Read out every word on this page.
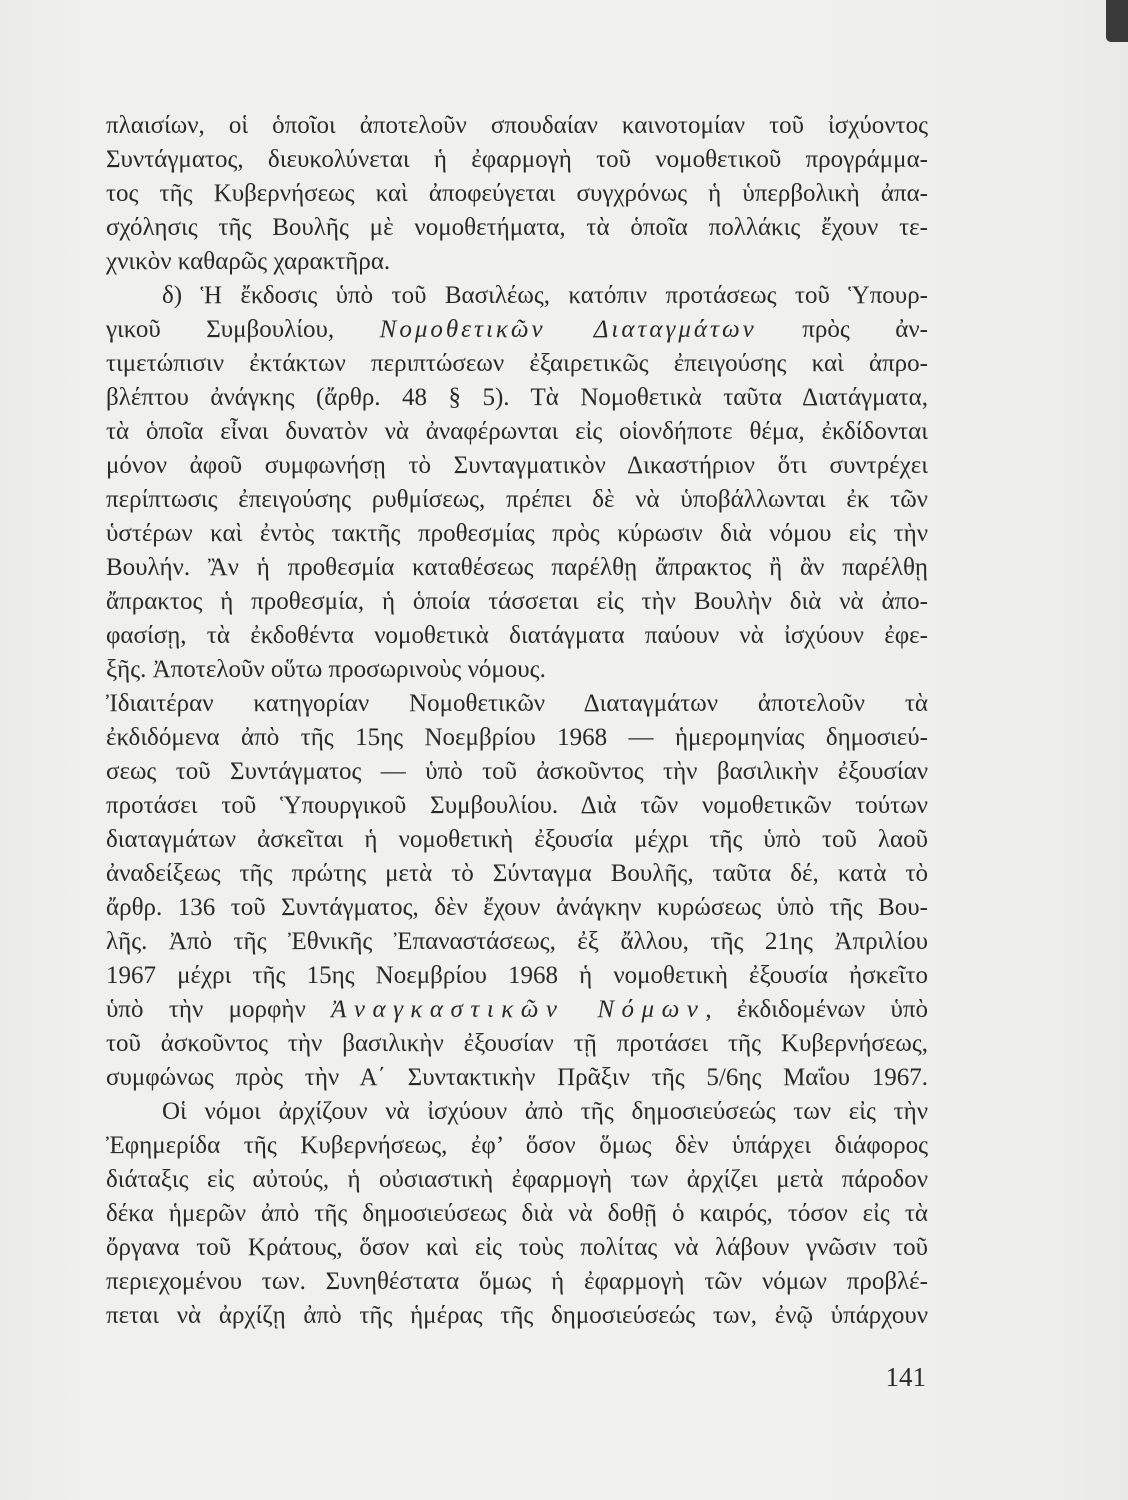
πλαισίων, οἱ ὁποῖοι ἀποτελοῦν σπουδαίαν καινοτομίαν τοῦ ἰσχύοντος
Συντάγματος, διευκολύνεται ἡ ἐφαρμογὴ τοῦ νομοθετικοῦ προγράμμα-
τος τῆς Κυβερνήσεως καὶ ἀποφεύγεται συγχρόνως ἡ ὑπερβολικὴ ἀπα-
σχόλησις τῆς Βουλῆς μὲ νομοθετήματα, τὰ ὁποῖα πολλάκις ἔχουν τε-
χνικὸν καθαρῶς χαρακτῆρα.
δ) Ἡ ἔκδοσις ὑπὸ τοῦ Βασιλέως, κατόπιν προτάσεως τοῦ Ὑπουρ-
γικοῦ Συμβουλίου, Νομοθετικῶν Διαταγμάτων πρὸς ἀν-
τιμετώπισιν ἐκτάκτων περιπτώσεων ἐξαιρετικῶς ἐπειγούσης καὶ ἀπρο-
βλέπτου ἀνάγκης (ἄρθρ. 48 § 5). Τὰ Νομοθετικὰ ταῦτα Διατάγματα,
τὰ ὁποῖα εἶναι δυνατὸν νὰ ἀναφέρωνται εἰς οἱονδήποτε θέμα, ἐκδίδονται
μόνον ἀφοῦ συμφωνήσῃ τὸ Συνταγματικὸν Δικαστήριον ὅτι συντρέχει
περίπτωσις ἐπειγούσης ρυθμίσεως, πρέπει δὲ νὰ ὑποβάλλωνται ἐκ τῶν
ὑστέρων καὶ ἐντὸς τακτῆς προθεσμίας πρὸς κύρωσιν διὰ νόμου εἰς τὴν
Βουλήν. Ἂν ἡ προθεσμία καταθέσεως παρέλθῃ ἄπρακτος ἢ ἂν παρέλθῃ
ἄπρακτος ἡ προθεσμία, ἡ ὁποία τάσσεται εἰς τὴν Βουλὴν διὰ νὰ ἀπο-
φασίσῃ, τὰ ἐκδοθέντα νομοθετικὰ διατάγματα παύουν νὰ ἰσχύουν ἐφε-
ξῆς. Ἀποτελοῦν οὕτω προσωρινοὺς νόμους.
Ἰδιαιτέραν κατηγορίαν Νομοθετικῶν Διαταγμάτων ἀποτελοῦν τὰ
ἐκδιδόμενα ἀπὸ τῆς 15ης Νοεμβρίου 1968 — ἡμερομηνίας δημοσιεύ-
σεως τοῦ Συντάγματος — ὑπὸ τοῦ ἀσκοῦντος τὴν βασιλικὴν ἐξουσίαν
προτάσει τοῦ Ὑπουργικοῦ Συμβουλίου. Διὰ τῶν νομοθετικῶν τούτων
διαταγμάτων ἀσκεῖται ἡ νομοθετικὴ ἐξουσία μέχρι τῆς ὑπὸ τοῦ λαοῦ
ἀναδείξεως τῆς πρώτης μετὰ τὸ Σύνταγμα Βουλῆς, ταῦτα δέ, κατὰ τὸ
ἄρθρ. 136 τοῦ Συντάγματος, δὲν ἔχουν ἀνάγκην κυρώσεως ὑπὸ τῆς Βου-
λῆς. Ἀπὸ τῆς Ἐθνικῆς Ἐπαναστάσεως, ἐξ ἄλλου, τῆς 21ης Ἀπριλίου
1967 μέχρι τῆς 15ης Νοεμβρίου 1968 ἡ νομοθετικὴ ἐξουσία ἠσκεῖτο
ὑπὸ τὴν μορφὴν Ἀναγκαστικῶν Νόμων, ἐκδιδομένων ὑπὸ
τοῦ ἀσκοῦντος τὴν βασιλικὴν ἐξουσίαν τῇ προτάσει τῆς Κυβερνήσεως,
συμφώνως πρὸς τὴν Α΄ Συντακτικὴν Πρᾶξιν τῆς 5/6ης Μαΐου 1967.
Οἱ νόμοι ἀρχίζουν νὰ ἰσχύουν ἀπὸ τῆς δημοσιεύσεώς των εἰς τὴν
Ἐφημερίδα τῆς Κυβερνήσεως, ἐφ’ ὅσον ὅμως δὲν ὑπάρχει διάφορος
διάταξις εἰς αὐτούς, ἡ οὐσιαστικὴ ἐφαρμογὴ των ἀρχίζει μετὰ πάροδον
δέκα ἡμερῶν ἀπὸ τῆς δημοσιεύσεως διὰ νὰ δοθῇ ὁ καιρός, τόσον εἰς τὰ
ὄργανα τοῦ Κράτους, ὅσον καὶ εἰς τοὺς πολίτας νὰ λάβουν γνῶσιν τοῦ
περιεχομένου των. Συνηθέστατα ὅμως ἡ ἐφαρμογὴ τῶν νόμων προβλέ-
πεται νὰ ἀρχίζῃ ἀπὸ τῆς ἡμέρας τῆς δημοσιεύσεώς των, ἐνῷ ὑπάρχουν
141
